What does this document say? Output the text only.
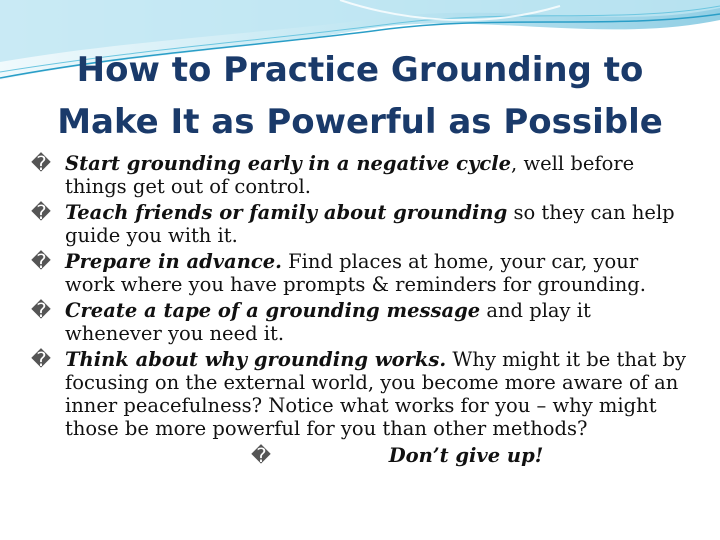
How to Practice Grounding to
Make It as Powerful as Possible
� Start grounding early in a negative cycle, well before things get out of control.
� Teach friends or family about grounding so they can help guide you with it.
� Prepare in advance. Find places at home, your car, your work where you have prompts & reminders for grounding.
� Create a tape of a grounding message and play it whenever you need it.
� Think about why grounding works. Why might it be that by focusing on the external world, you become more aware of an inner peacefulness? Notice what works for you – why might those be more powerful for you than other methods?
�	Don’t give up!
